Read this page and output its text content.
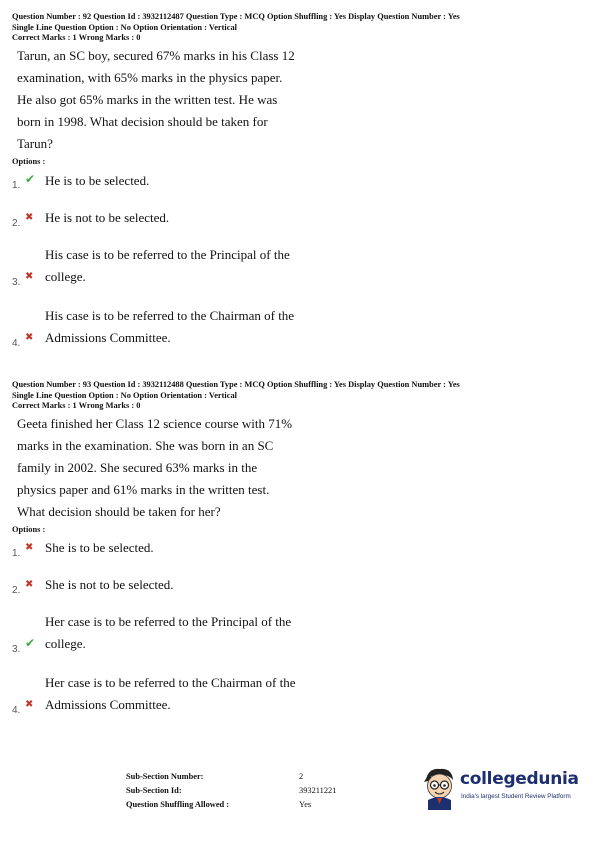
Question Number : 92 Question Id : 3932112487 Question Type : MCQ Option Shuffling : Yes Display Question Number : Yes
Single Line Question Option : No Option Orientation : Vertical
Correct Marks : 1 Wrong Marks : 0
Tarun, an SC boy, secured 67% marks in his Class 12
examination, with 65% marks in the physics paper.
He also got 65% marks in the written test. He was
born in 1998. What decision should be taken for
Tarun?
Options :
1. ✔ He is to be selected.
2.
✖ He is not to be selected.
His case is to be referred to the Principal of the
3.
✖ college.
His case is to be referred to the Chairman of the
4.
✖ Admissions Committee.
Question Number : 93 Question Id : 3932112488 Question Type : MCQ Option Shuffling : Yes Display Question Number : Yes
Single Line Question Option : No Option Orientation : Vertical
Correct Marks : 1 Wrong Marks : 0
Geeta finished her Class 12 science course with 71%
marks in the examination. She was born in an SC
family in 2002. She secured 63% marks in the
physics paper and 61% marks in the written test.
What decision should be taken for her?
Options :
1.
✖ She is to be selected.
2.
✖ She is not to be selected.
Her case is to be referred to the Principal of the
3. ✔ college.
Her case is to be referred to the Chairman of the
4.
✖ Admissions Committee.
Sub-Section Number:	2
Sub-Section Id:	393211221
Question Shuffling Allowed :	Yes
collegedunia
India's largest Student Review Platform
